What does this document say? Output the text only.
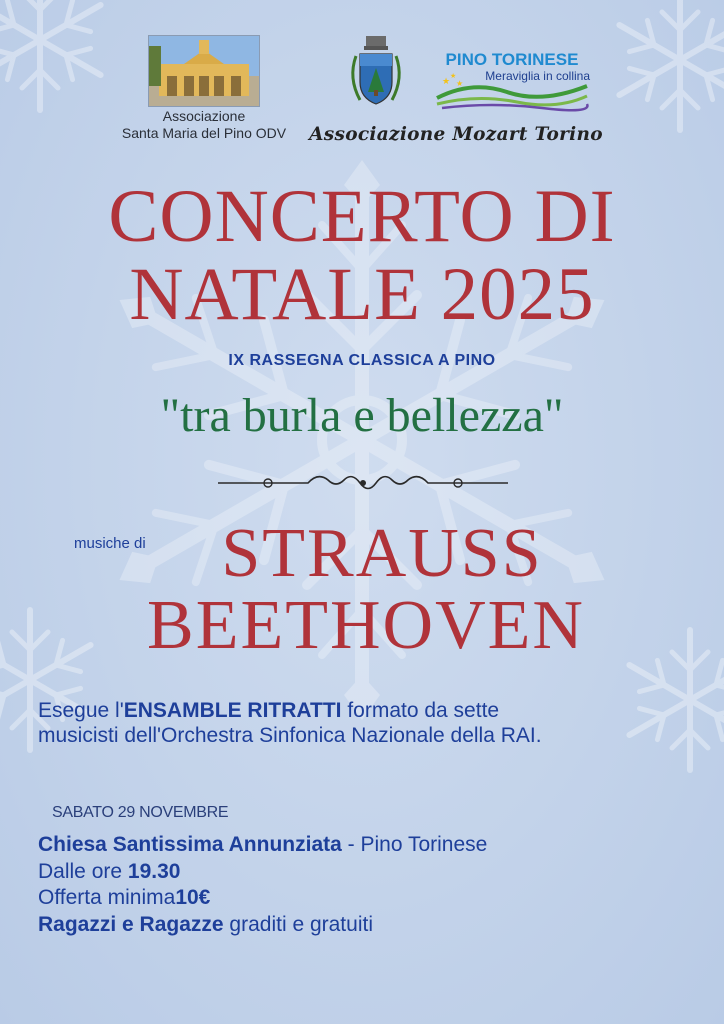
Associazione
Santa Maria del Pino ODV
★
★
★
PINO TORINESE
Meraviglia in collina
Associazione Mozart Torino
CONCERTO DI
NATALE 2025
IX RASSEGNA CLASSICA A PINO
"tra burla e bellezza"
musiche di	STRAUSS
BEETHOVEN
Esegue l'ENSAMBLE RITRATTI formato da sette
musicisti dell'Orchestra Sinfonica Nazionale della RAI.
SABATO 29 NOVEMBRE
Chiesa Santissima Annunziata - Pino Torinese
Dalle ore 19.30
Offerta minima10€
Ragazzi e Ragazze graditi e gratuiti
